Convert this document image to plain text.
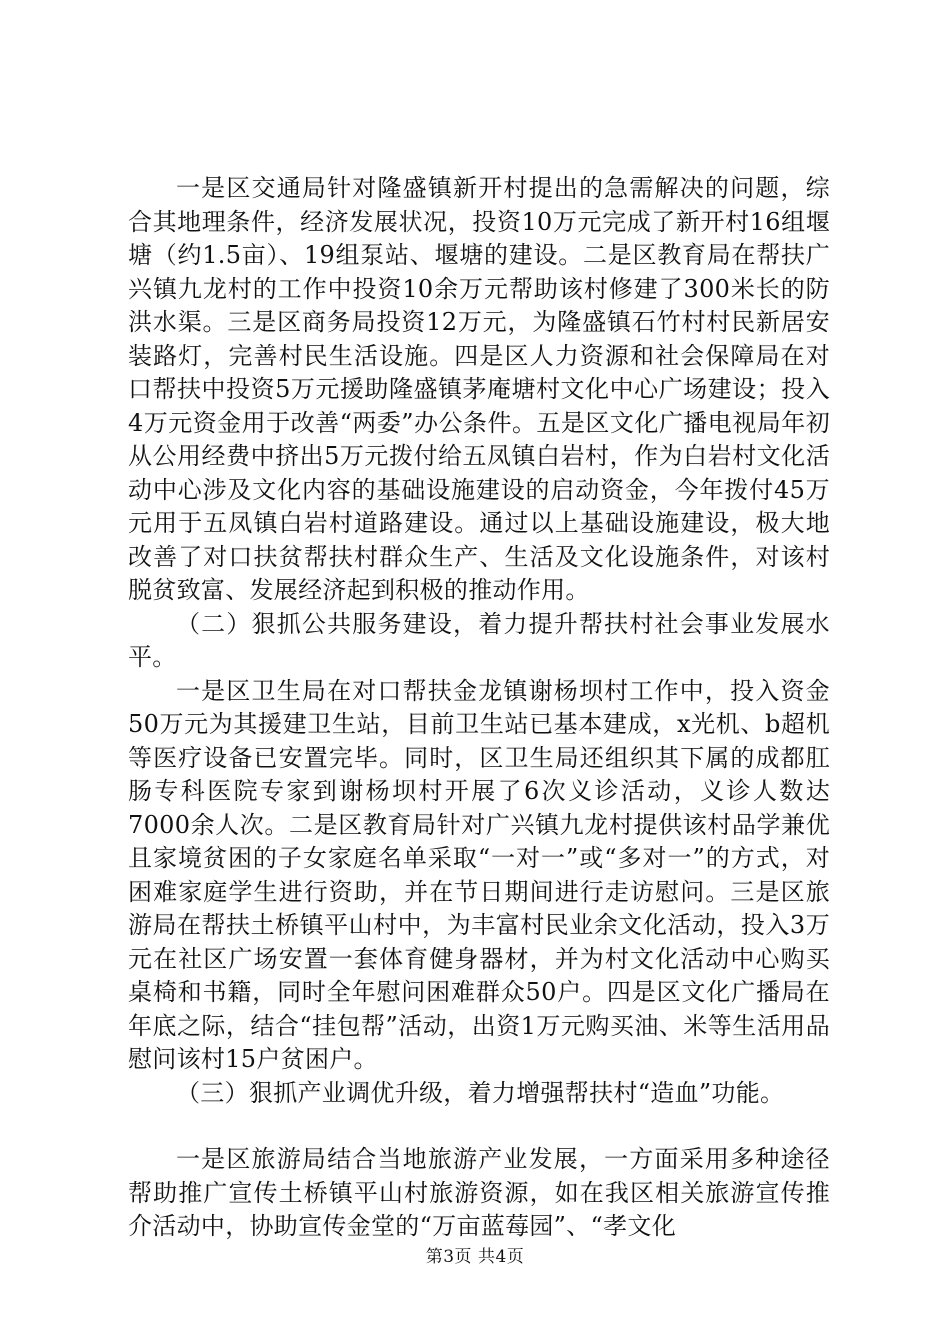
一是区交通局针对隆盛镇新开村提出的急需解决的问题，综合其地理条件，经济发展状况，投资10万元完成了新开村16组堰塘（约1.5亩）、19组泵站、堰塘的建设。二是区教育局在帮扶广兴镇九龙村的工作中投资10余万元帮助该村修建了300米长的防洪水渠。三是区商务局投资12万元，为隆盛镇石竹村村民新居安装路灯，完善村民生活设施。四是区人力资源和社会保障局在对口帮扶中投资5万元援助隆盛镇茅庵塘村文化中心广场建设；投入4万元资金用于改善“两委”办公条件。五是区文化广播电视局年初从公用经费中挤出5万元拨付给五凤镇白岩村，作为白岩村文化活动中心涉及文化内容的基础设施建设的启动资金，今年拨付45万元用于五凤镇白岩村道路建设。通过以上基础设施建设，极大地改善了对口扶贫帮扶村群众生产、生活及文化设施条件，对该村脱贫致富、发展经济起到积极的推动作用。

（二）狠抓公共服务建设，着力提升帮扶村社会事业发展水平。

一是区卫生局在对口帮扶金龙镇谢杨坝村工作中，投入资金50万元为其援建卫生站，目前卫生站已基本建成，x光机、b超机等医疗设备已安置完毕。同时，区卫生局还组织其下属的成都肛肠专科医院专家到谢杨坝村开展了6次义诊活动，义诊人数达7000余人次。二是区教育局针对广兴镇九龙村提供该村品学兼优且家境贫困的子女家庭名单采取“一对一”或“多对一”的方式，对困难家庭学生进行资助，并在节日期间进行走访慰问。三是区旅游局在帮扶土桥镇平山村中，为丰富村民业余文化活动，投入3万元在社区广场安置一套体育健身器材，并为村文化活动中心购买桌椅和书籍，同时全年慰问困难群众50户。四是区文化广播局在年底之际，结合“挂包帮”活动，出资1万元购买油、米等生活用品慰问该村15户贫困户。

（三）狠抓产业调优升级，着力增强帮扶村“造血”功能。

一是区旅游局结合当地旅游产业发展，一方面采用多种途径帮助推广宣传土桥镇平山村旅游资源，如在我区相关旅游宣传推介活动中，协助宣传金堂的“万亩蓝莓园”、“孝文化

第3页 共4页
